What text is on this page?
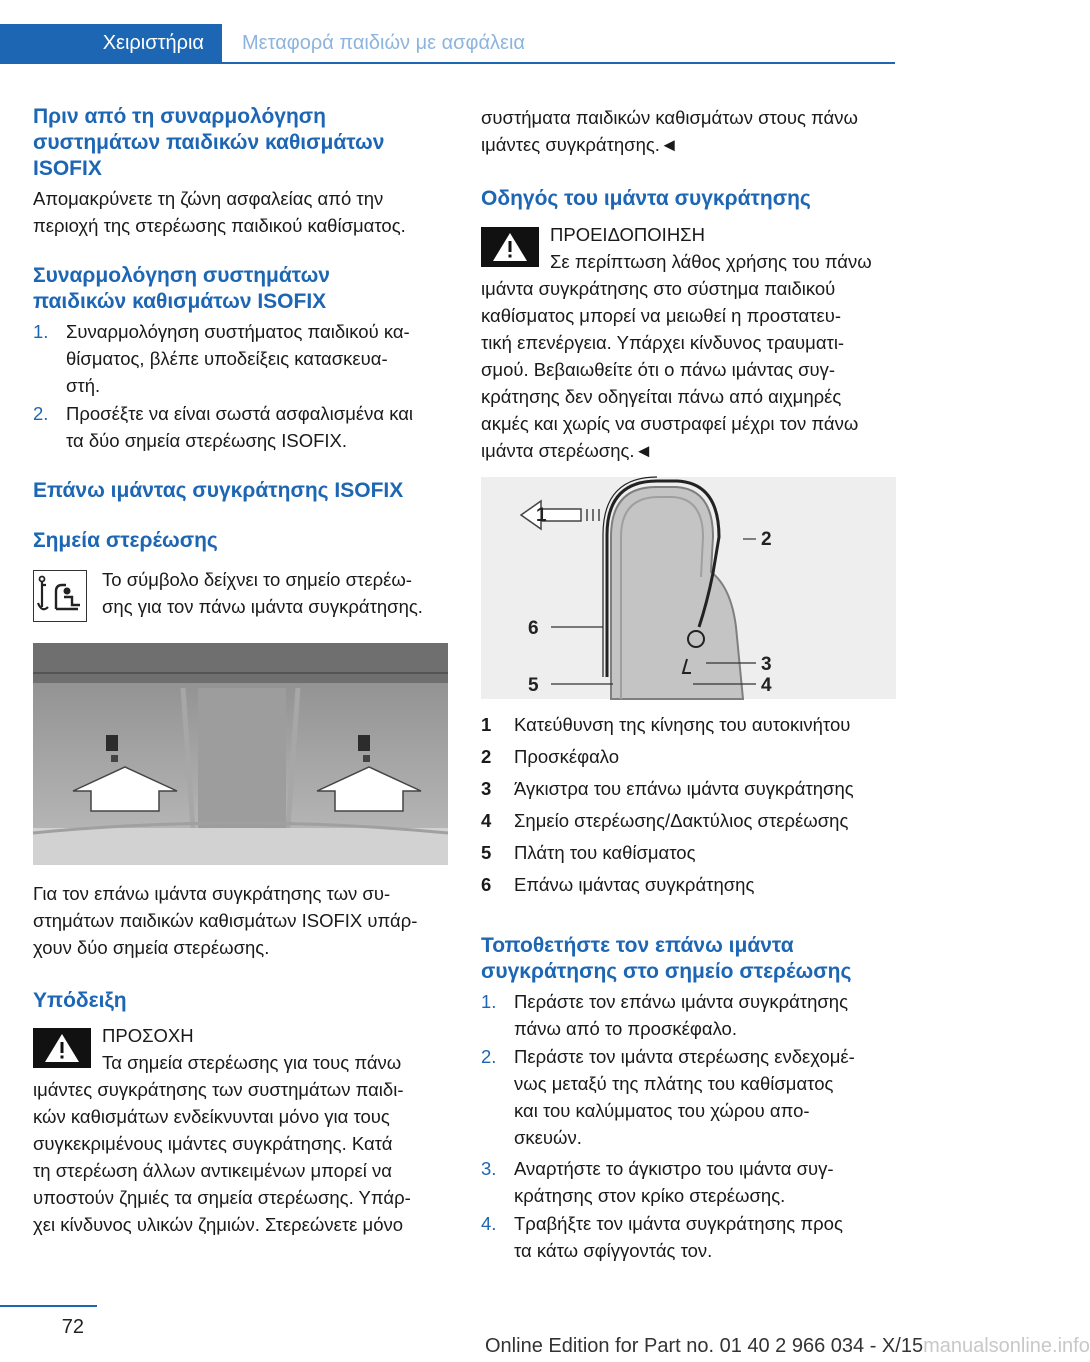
Χειριστήρια	Μεταφορά παιδιών με ασφάλεια
Πριν από τη συναρμολόγηση
συστημάτων παιδικών καθισμάτων
ISOFIX

Απομακρύνετε τη ζώνη ασφαλείας από την
περιοχή της στερέωσης παιδικού καθίσματος.

Συναρμολόγηση συστημάτων
παιδικών καθισμάτων ISOFIX
1. Συναρμολόγηση συστήματος παιδικού κα-
θίσματος, βλέπε υποδείξεις κατασκευα-
στή.
2. Προσέξτε να είναι σωστά ασφαλισμένα και
τα δύο σημεία στερέωσης ISOFIX.
Επάνω ιμάντας συγκράτησης ISOFIX
Σημεία στερέωσης

Το σύμβολο δείχνει το σημείο στερέω-
σης για τον πάνω ιμάντα συγκράτησης.

Για τον επάνω ιμάντα συγκράτησης των συ-
στημάτων παιδικών καθισμάτων ISOFIX υπάρ-
χουν δύο σημεία στερέωσης.

Υπόδειξη
ΠΡΟΣΟΧΗ
Τα σημεία στερέωσης για τους πάνω
ιμάντες συγκράτησης των συστημάτων παιδι-
κών καθισμάτων ενδείκνυνται μόνο για τους
συγκεκριμένους ιμάντες συγκράτησης. Κατά
τη στερέωση άλλων αντικειμένων μπορεί να
υποστούν ζημιές τα σημεία στερέωσης. Υπάρ-
χει κίνδυνος υλικών ζημιών. Στερεώνετε μόνο

συστήματα παιδικών καθισμάτων στους πάνω
ιμάντες συγκράτησης.◄

Οδηγός του ιμάντα συγκράτησης
ΠΡΟΕΙΔΟΠΟΙΗΣΗ
Σε περίπτωση λάθος χρήσης του πάνω
ιμάντα συγκράτησης στο σύστημα παιδικού
καθίσματος μπορεί να μειωθεί η προστατευ-
τική επενέργεια. Υπάρχει κίνδυνος τραυματι-
σμού. Βεβαιωθείτε ότι ο πάνω ιμάντας συγ-
κράτησης δεν οδηγείται πάνω από αιχμηρές
ακμές και χωρίς να συστραφεί μέχρι τον πάνω
ιμάντα στερέωσης.◄
1
2
3
4
5
6
1 Κατεύθυνση της κίνησης του αυτοκινήτου
2 Προσκέφαλο
3 Άγκιστρα του επάνω ιμάντα συγκράτησης
4 Σημείο στερέωσης/Δακτύλιος στερέωσης
5 Πλάτη του καθίσματος
6 Επάνω ιμάντας συγκράτησης
Τοποθετήστε τον επάνω ιμάντα
συγκράτησης στο σημείο στερέωσης
1. Περάστε τον επάνω ιμάντα συγκράτησης
πάνω από το προσκέφαλο.
2. Περάστε τον ιμάντα στερέωσης ενδεχομέ-
νως μεταξύ της πλάτης του καθίσματος
και του καλύμματος του χώρου απο-
σκευών.
3. Αναρτήστε το άγκιστρο του ιμάντα συγ-
κράτησης στον κρίκο στερέωσης.
4. Τραβήξτε τον ιμάντα συγκράτησης προς
τα κάτω σφίγγοντάς τον.
72
Online Edition for Part no. 01 40 2 966 034 - X/15manualsonline.info
